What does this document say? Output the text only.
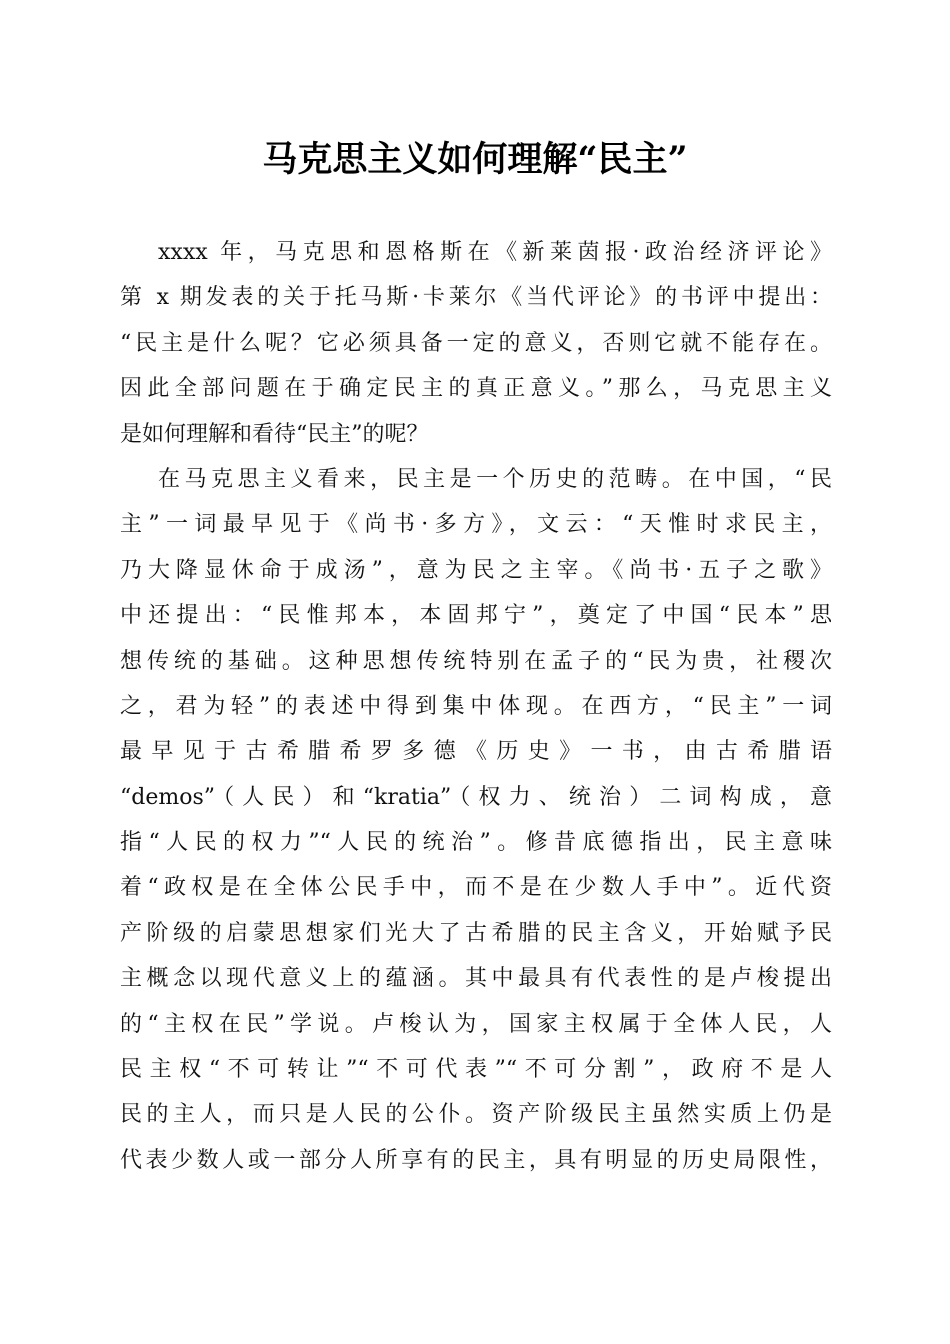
马克思主义如何理解“民主”
xxxx 年，马克思和恩格斯在《新莱茵报·政治经济评论》
第 x 期发表的关于托马斯·卡莱尔《当代评论》的书评中提出：
“民主是什么呢？它必须具备一定的意义，否则它就不能存在。
因此全部问题在于确定民主的真正意义。”那么，马克思主义
是如何理解和看待“民主”的呢？
在马克思主义看来，民主是一个历史的范畴。在中国，“民
主”一词最早见于《尚书·多方》，文云：“天惟时求民主，
乃大降显休命于成汤”，意为民之主宰。《尚书·五子之歌》
中还提出：“民惟邦本，本固邦宁”，奠定了中国“民本”思
想传统的基础。这种思想传统特别在孟子的“民为贵，社稷次
之，君为轻”的表述中得到集中体现。在西方，“民主”一词
最早见于古希腊希罗多德《历史》一书，由古希腊语
“demos”（人民）和“kratia”（权力、统治）二词构成，意
指“人民的权力”“人民的统治”。修昔底德指出，民主意味
着“政权是在全体公民手中，而不是在少数人手中”。近代资
产阶级的启蒙思想家们光大了古希腊的民主含义，开始赋予民
主概念以现代意义上的蕴涵。其中最具有代表性的是卢梭提出
的“主权在民”学说。卢梭认为，国家主权属于全体人民，人
民主权“不可转让”“不可代表”“不可分割”，政府不是人
民的主人，而只是人民的公仆。资产阶级民主虽然实质上仍是
代表少数人或一部分人所享有的民主，具有明显的历史局限性，
